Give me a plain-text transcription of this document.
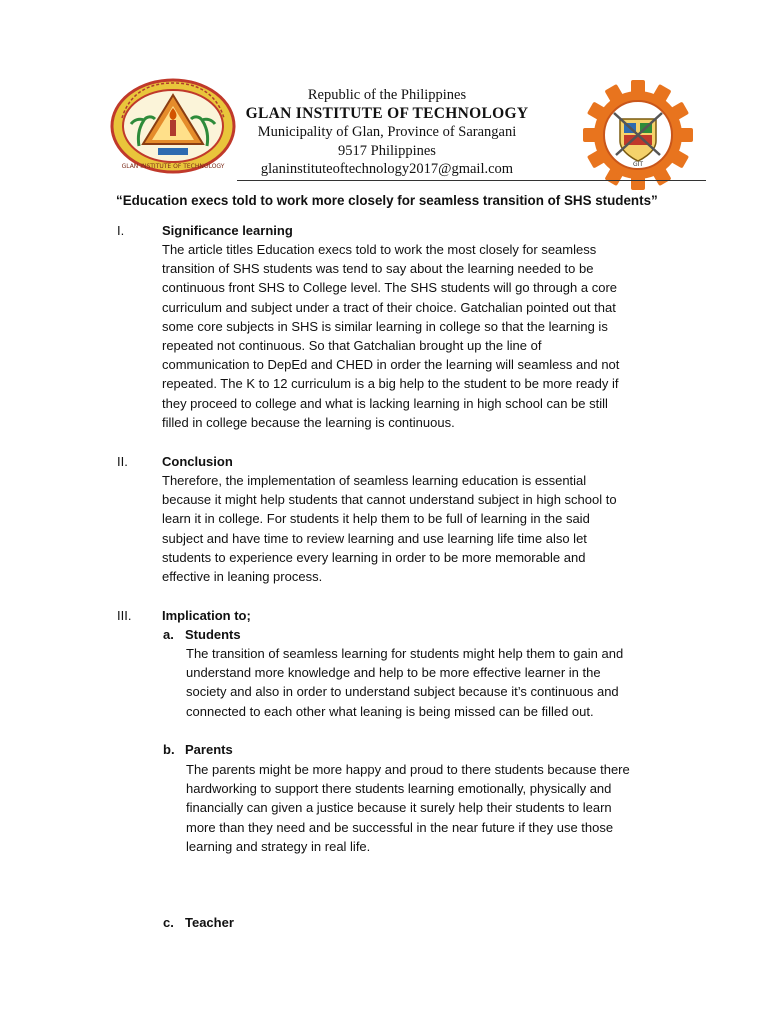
GLAN INSTITUTE OF TECHNOLOGY
Republic of the Philippines
GLAN INSTITUTE OF TECHNOLOGY
Municipality of Glan, Province of Sarangani
9517 Philippines
glaninstituteoftechnology2017@gmail.com	GIT
“Education execs told to work more closely for seamless transition of SHS students”
I.	Significance learning
The article titles Education execs told to work the most closely for seamless
transition of SHS students was tend to say about the learning needed to be
continuous front SHS to College level. The SHS students will go through a core
curriculum and subject under a tract of their choice. Gatchalian pointed out that
some core subjects in SHS is similar learning in college so that the learning is
repeated not continuous. So that Gatchalian brought up the line of
communication to DepEd and CHED in order the learning will seamless and not
repeated. The K to 12 curriculum is a big help to the student to be more ready if
they proceed to college and what is lacking learning in high school can be still
filled in college because the learning is continuous.
II.	Conclusion
Therefore, the implementation of seamless learning education is essential
because it might help students that cannot understand subject in high school to
learn it in college. For students it help them to be full of learning in the said
subject and have time to review learning and use learning life time also let
students to experience every learning in order to be more memorable and
effective in leaning process.
III. Implication to;
a. Students
The transition of seamless learning for students might help them to gain and
understand more knowledge and help to be more effective learner in the
society and also in order to understand subject because it’s continuous and
connected to each other what leaning is being missed can be filled out.
b. Parents
The parents might be more happy and proud to there students because there
hardworking to support there students learning emotionally, physically and
financially can given a justice because it surely help their students to learn
more than they need and be successful in the near future if they use those
learning and strategy in real life.
c. Teacher
